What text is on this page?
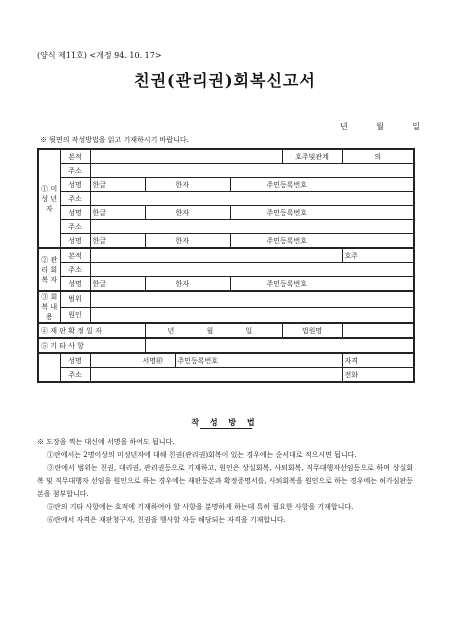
(양식 제11호) <개정 94. 10. 17>
친권(관리권)회복신고서
년	월	일
※ 뒷면의 작성방법을 읽고 기재하시기 바랍니다.
① 미 성 년 자	본적					호주및관계	의
	주소						
	성명	한글	한자		주민등록번호		
	주소						
	성명	한글	한자		주민등록번호		
	주소						
	성명	한글	한자		주민등록번호		
② 관리 회복 자	본적						호주
	주소						
	성명	한글	한자		주민등록번호		
③ 회복 내용	범위						
	원인						
④ 재 판 확 정 일 자			년 월 일			법원명	
⑤ 기 타 사 항							
	성명	서명㊞		주민등록번호			자격
	주소						전화
작 성 방 법

※ 도장을 찍는 대신에 서명을 하여도 됩니다.

①란에서는 2명이상의 미성년자에 대해 친권(관리권)회복이 있는 경우에는 순서대로 적으시면 됩니다.

③란에서 범위는 친권, 대리권, 관리권등으로 기재하고, 원인은 상실회복, 사퇴회복, 직무대행자선임등으로 하며 상실회복 및 직무대행자 선임을 원인으로 하는 경우에는 재판등본과 확정증명서를, 사퇴회복을 원인으로 하는 경우에는 허가심판등본을 첨부합니다.

⑤란의 기타 사항에는 호적에 기재하여야 할 사항을 분명하게 하는데 특히 필요한 사항을 기재합니다.

⑥란에서 자격은 재판청구자, 친권을 행사할 자등 해당되는 자격을 기재합니다.
